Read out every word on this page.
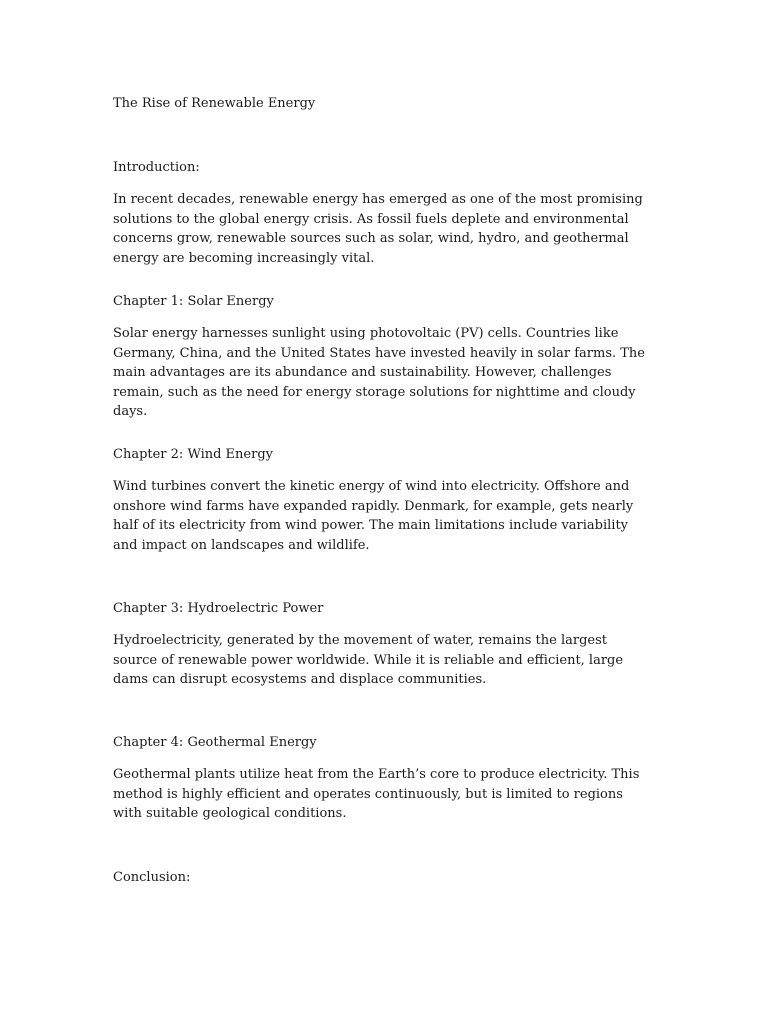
The Rise of Renewable Energy
Introduction:

In recent decades, renewable energy has emerged as one of the most promising solutions to the global energy crisis. As fossil fuels deplete and environmental concerns grow, renewable sources such as solar, wind, hydro, and geothermal energy are becoming increasingly vital.

Chapter 1: Solar Energy

Solar energy harnesses sunlight using photovoltaic (PV) cells. Countries like Germany, China, and the United States have invested heavily in solar farms. The main advantages are its abundance and sustainability. However, challenges remain, such as the need for energy storage solutions for nighttime and cloudy days.

Chapter 2: Wind Energy

Wind turbines convert the kinetic energy of wind into electricity. Offshore and onshore wind farms have expanded rapidly. Denmark, for example, gets nearly half of its electricity from wind power. The main limitations include variability and impact on landscapes and wildlife.

Chapter 3: Hydroelectric Power

Hydroelectricity, generated by the movement of water, remains the largest source of renewable power worldwide. While it is reliable and efficient, large dams can disrupt ecosystems and displace communities.

Chapter 4: Geothermal Energy

Geothermal plants utilize heat from the Earth’s core to produce electricity. This method is highly efficient and operates continuously, but is limited to regions with suitable geological conditions.

Conclusion:
